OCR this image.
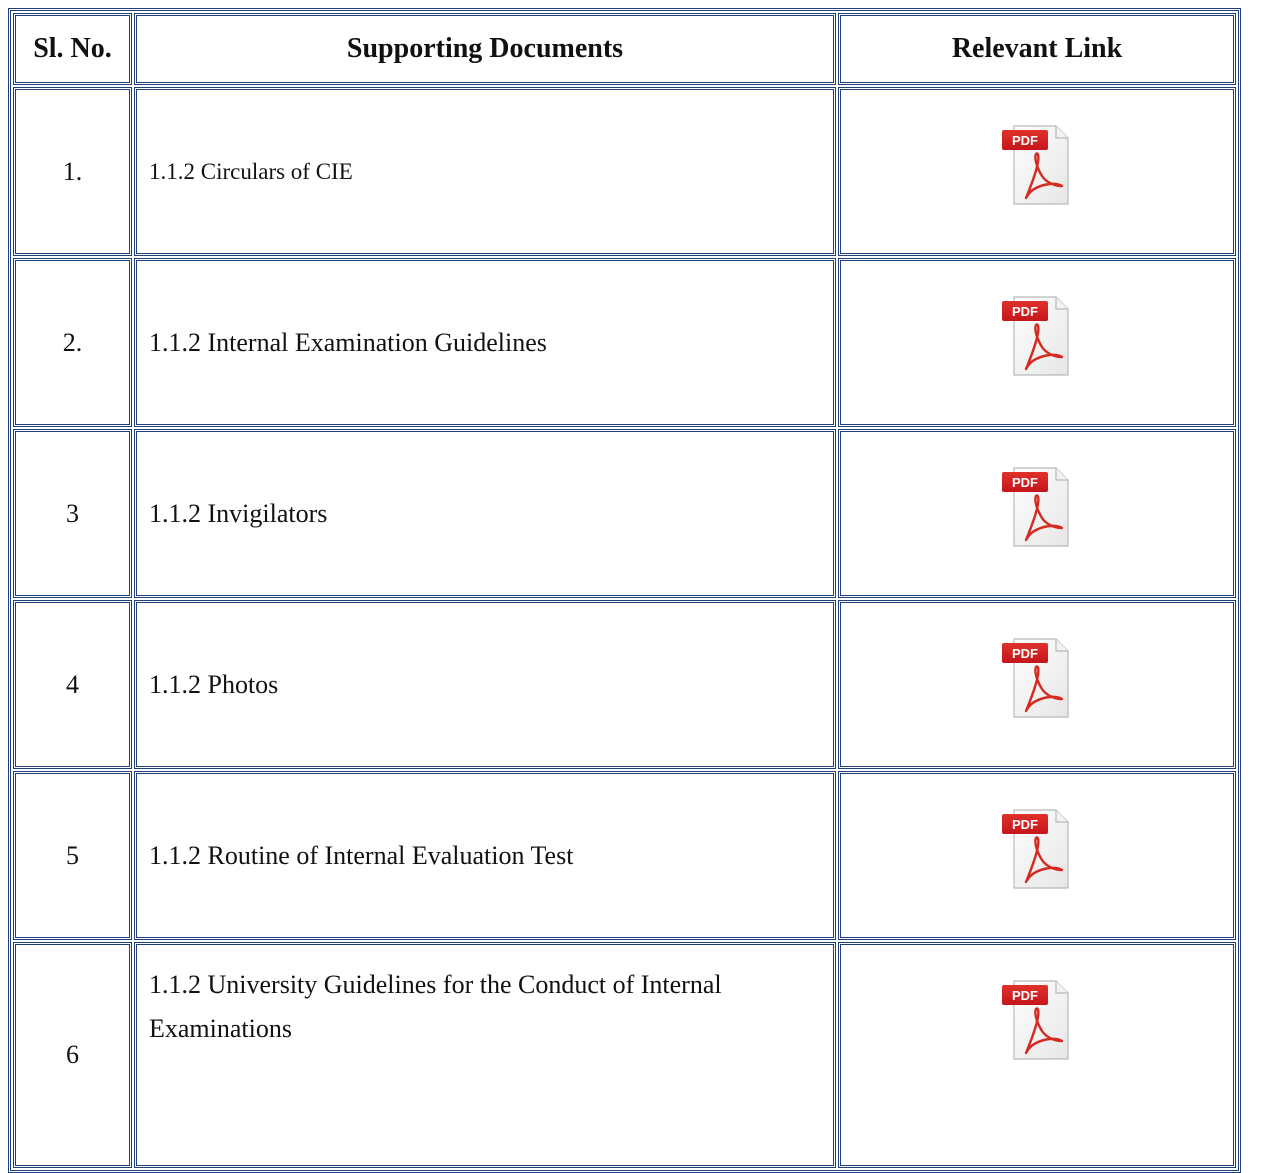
Sl. No.	Supporting Documents	Relevant Link
1.	1.1.2 Circulars of CIE	PDF

2.	1.1.2 Internal Examination Guidelines	PDF

3	1.1.2 Invigilators	PDF

4	1.1.2 Photos	PDF

5	1.1.2 Routine of Internal Evaluation Test	PDF

6	1.1.2 University Guidelines for the Conduct of Internal Examinations	PDF
